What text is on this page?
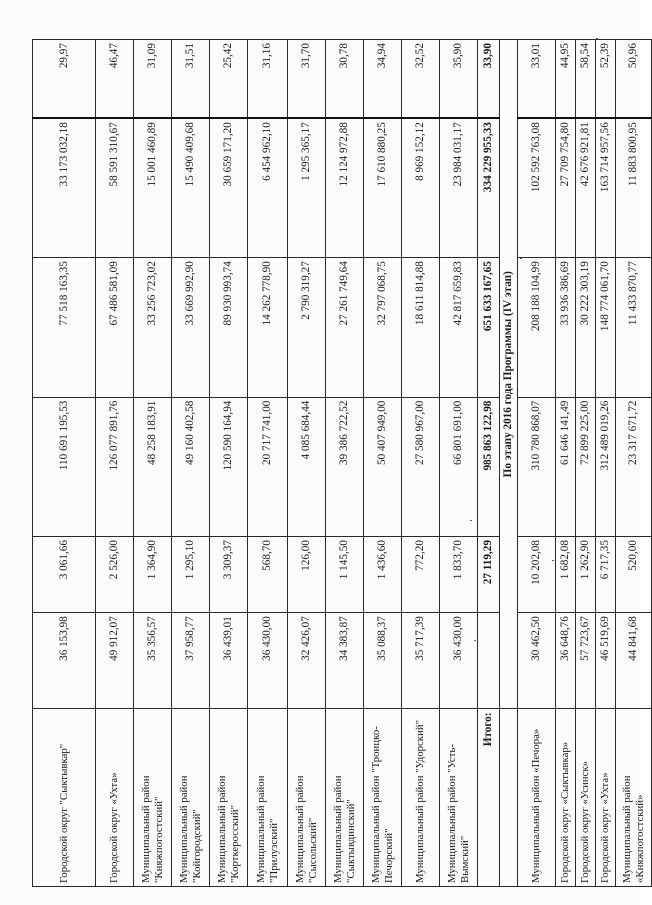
Городской округ "Сыктывкар"	36 153,98	3 061,66	110 691 195,53	77 518 163,35	33 173 032,18	29,97
Городской округ «Ухта»	49 912,07	2 526,00	126 077 891,76	67 486 581,09	58 591 310,67	46,47
Муниципальный район "Княжпогостский"	35 356,57	1 364,90	48 258 183,91	33 256 723,02	15 001 460,89	31,09
Муниципальный район "Койгородский"	37 958,77	1 295,10	49 160 402,58	33 669 992,90	15 490 409,68	31,51
Муниципальный район "Корткеросский"	36 439,01	3 309,37	120 590 164,94	89 930 993,74	30 659 171,20	25,42
Муниципальный район "Прилузский"	36 430,00	568,70	20 717 741,00	14 262 778,90	6 454 962,10	31,16
Муниципальный район "Сысольский"	32 426,07	126,00	4 085 684,44	2 790 319,27	1 295 365,17	31,70
Муниципальный район "Сыктывдинский"	34 383,87	1 145,50	39 386 722,52	27 261 749,64	12 124 972,88	30,78
Муниципальный район "Троицко-Печорский"	35 088,37	1 436,60	50 407 949,00	32 797 068,75	17 610 880,25	34,94
Муниципальный район "Удорский"	35 717,39	772,20	27 580 967,00	18 611 814,88	8 969 152,12	32,52
Муниципальный район "Усть-Вымский"	36 430,00	1 833,70	66 801 691,00	42 817 659,83	23 984 031,17	35,90
Итого:		27 119,29	985 863 122,98	651 633 167,65	334 229 955,33	33,90
	По этапу 2016 года Программы (IV этап)					
Муниципальный район «Печора»	30 462,50	10 202,08	310 780 868,07	208 188 104,99	102 592 763,08	33,01
Городской округ «Сыктывкар»	36 648,76	1 682,08	61 646 141,49	33 936 386,69	27 709 754,80	44,95
Городской округ «Усинск»	57 723,67	1 262,90	72 899 225,00	30 222 303,19	42 676 921,81	58,54
Городской округ «Ухта»	46 519,69	6 717,35	312 489 019,26	148 774 061,70	163 714 957,56	52,39
Муниципальный район «Княжпогостский»	44 841,68	520,00	23 317 671,72	11 433 870,77	11 883 800,95	50,96
